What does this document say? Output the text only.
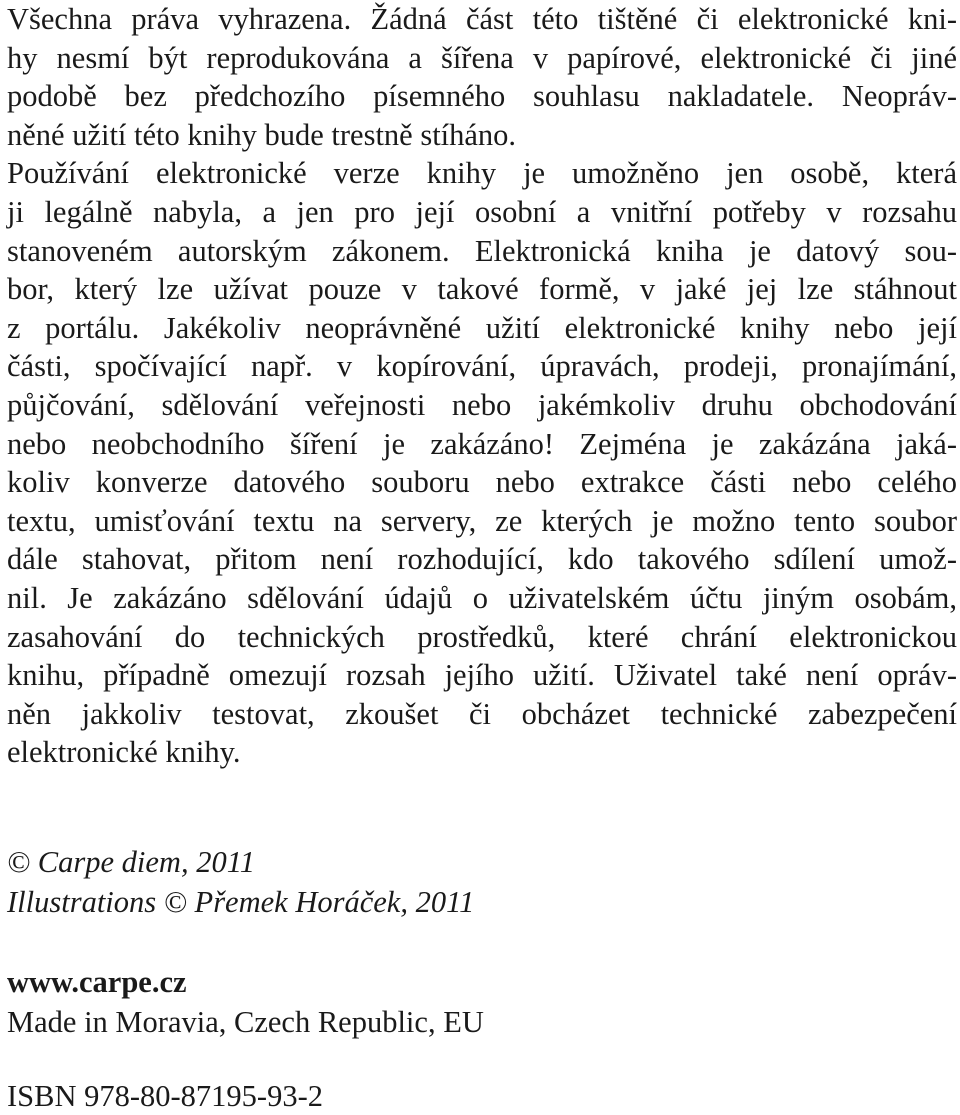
Všechna práva vyhrazena. Žádná část této tištěné či elektronické kni-
hy nesmí být reprodukována a šířena v papírové, elektronické či jiné
podobě bez předchozího písemného souhlasu nakladatele. Neopráv-
něné užití této knihy bude trestně stíháno.
Používání elektronické verze knihy je umožněno jen osobě, která
ji legálně nabyla, a jen pro její osobní a vnitřní potřeby v rozsahu
stanoveném autorským zákonem. Elektronická kniha je datový sou-
bor, který lze užívat pouze v takové formě, v jaké jej lze stáhnout
z portálu. Jakékoliv neoprávněné užití elektronické knihy nebo její
části, spočívající např. v kopírování, úpravách, prodeji, pronajímání,
půjčování, sdělování veřejnosti nebo jakémkoliv druhu obchodování
nebo neobchodního šíření je zakázáno! Zejména je zakázána jaká-
koliv konverze datového souboru nebo extrakce části nebo celého
textu, umisťování textu na servery, ze kterých je možno tento soubor
dále stahovat, přitom není rozhodující, kdo takového sdílení umož-
nil. Je zakázáno sdělování údajů o uživatelském účtu jiným osobám,
zasahování do technických prostředků, které chrání elektronickou
knihu, případně omezují rozsah jejího užití. Uživatel také není opráv-
něn jakkoliv testovat, zkoušet či obcházet technické zabezpečení
elektronické knihy.
© Carpe diem, 2011
Illustrations © Přemek Horáček, 2011
www.carpe.cz
Made in Moravia, Czech Republic, EU
ISBN 978-80-87195-93-2
